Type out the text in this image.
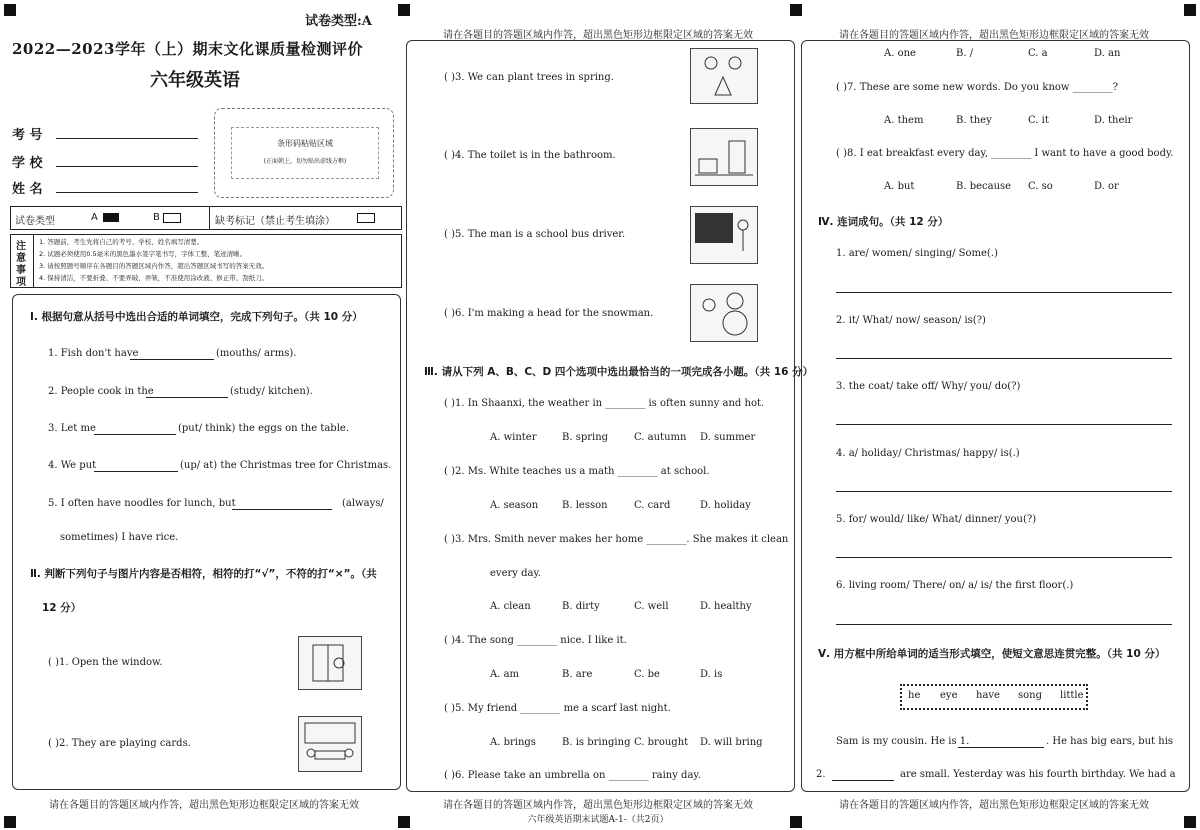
试卷类型:A
2022—2023学年（上）期末文化课质量检测评价
六年级英语
考 号
学 校
姓 名
条形码粘贴区域
(正面朝上，切勿贴出虚线方框)
试卷类型	A	B	缺考标记（禁止考生填涂）
注
意
事
项
1. 答题前，考生先将自己的考号、学校、姓名填写清楚。
2. 试题必须使用0.5毫米的黑色墨水签字笔书写，字体工整、笔迹清晰。
3. 请按照题号顺序在各题目的答题区域内作答，超出答题区域书写的答案无效。
4. 保持清洁，不要折叠、不要弄破、弄皱，不准使用涂改液、修正带、刮纸刀。
Ⅰ. 根据句意从括号中选出合适的单词填空，完成下列句子。（共 10 分）
1. Fish don't have	(mouths/ arms).
2. People cook in the	(study/ kitchen).
3. Let me	(put/ think) the eggs on the table.
4. We put	(up/ at) the Christmas tree for Christmas.
5. I often have noodles for lunch, but	(always/
sometimes) I have rice.
Ⅱ. 判断下列句子与图片内容是否相符，相符的打“√”，不符的打“×”。（共
12 分）
( )1. Open the window.
( )2. They are playing cards.
请在各题目的答题区域内作答，超出黑色矩形边框限定区域的答案无效
请在各题目的答题区域内作答，超出黑色矩形边框限定区域的答案无效
( )3. We can plant trees in spring.
( )4. The toilet is in the bathroom.
( )5. The man is a school bus driver.
( )6. I'm making a head for the snowman.
Ⅲ. 请从下列 A、B、C、D 四个选项中选出最恰当的一项完成各小题。（共 16 分）
( )1. In Shaanxi, the weather in ________ is often sunny and hot.
A. winter	B. spring	C. autumn D. summer
( )2. Ms. White teaches us a math ________ at school.
A. season B. lesson	C. card	D. holiday
( )3. Mrs. Smith never makes her home ________. She makes it clean
every day.
A. clean	B. dirty	C. well	D. healthy
( )4. The song ________ nice. I like it.
A. am	B. are	C. be	D. is
( )5. My friend ________ me a scarf last night.
A. brings	B. is bringing C. brought D. will bring
( )6. Please take an umbrella on ________ rainy day.
请在各题目的答题区域内作答，超出黑色矩形边框限定区域的答案无效
六年级英语期末试题A-1-（共2页）
请在各题目的答题区域内作答，超出黑色矩形边框限定区域的答案无效
A. one	B. /	C. a	D. an
( )7. These are some new words. Do you know ________?
A. them	B. they	C. it	D. their
( )8. I eat breakfast every day, ________ I want to have a good body.
A. but	B. because C. so	D. or
Ⅳ. 连词成句。（共 12 分）
1. are/ women/ singing/ Some(.)
2. it/ What/ now/ season/ is(?)
3. the coat/ take off/ Why/ you/ do(?)
4. a/ holiday/ Christmas/ happy/ is(.)
5. for/ would/ like/ What/ dinner/ you(?)
6. living room/ There/ on/ a/ is/ the first floor(.)
Ⅴ. 用方框中所给单词的适当形式填空，使短文意思连贯完整。（共 10 分）
he eye have song little
Sam is my cousin. He is 1.	. He has big ears, but his
2.	are small. Yesterday was his fourth birthday. We had a
请在各题目的答题区域内作答，超出黑色矩形边框限定区域的答案无效
